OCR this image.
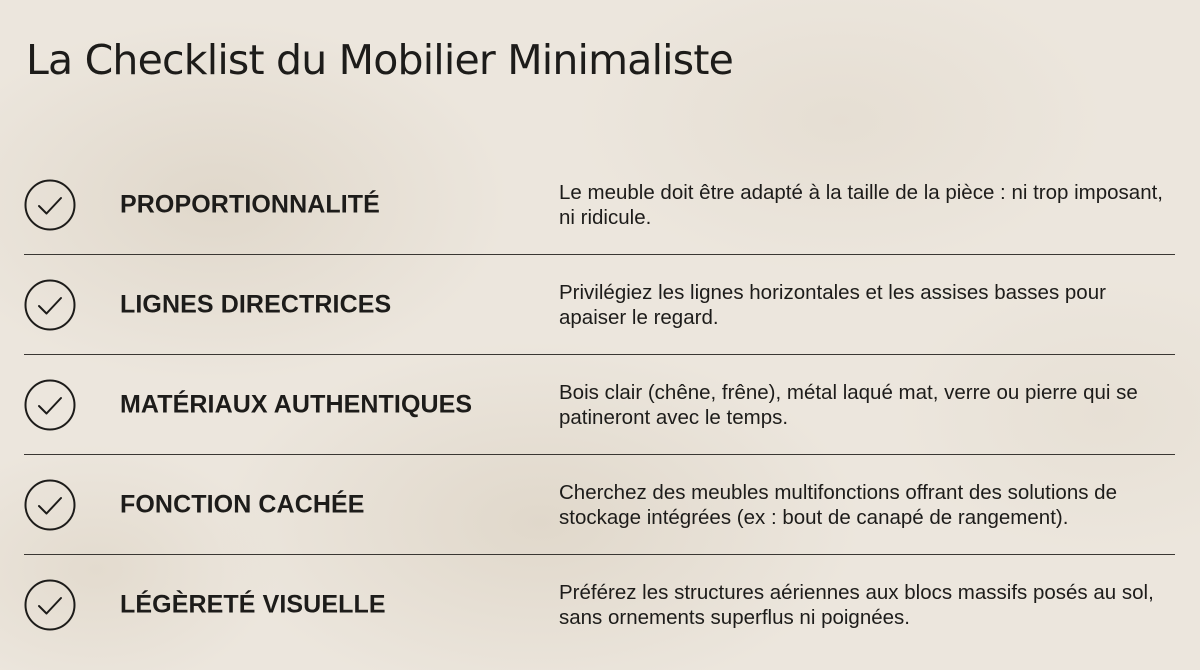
La Checklist du Mobilier Minimaliste
PROPORTIONNALITÉ	Le meuble doit être adapté à la taille de la pièce : ni trop imposant, ni ridicule.
LIGNES DIRECTRICES	Privilégiez les lignes horizontales et les assises basses pour apaiser le regard.
MATÉRIAUX AUTHENTIQUES	Bois clair (chêne, frêne), métal laqué mat, verre ou pierre qui se patineront avec le temps.
FONCTION CACHÉE	Cherchez des meubles multifonctions offrant des solutions de stockage intégrées (ex : bout de canapé de rangement).
LÉGÈRETÉ VISUELLE	Préférez les structures aériennes aux blocs massifs posés au sol, sans ornements superflus ni poignées.
